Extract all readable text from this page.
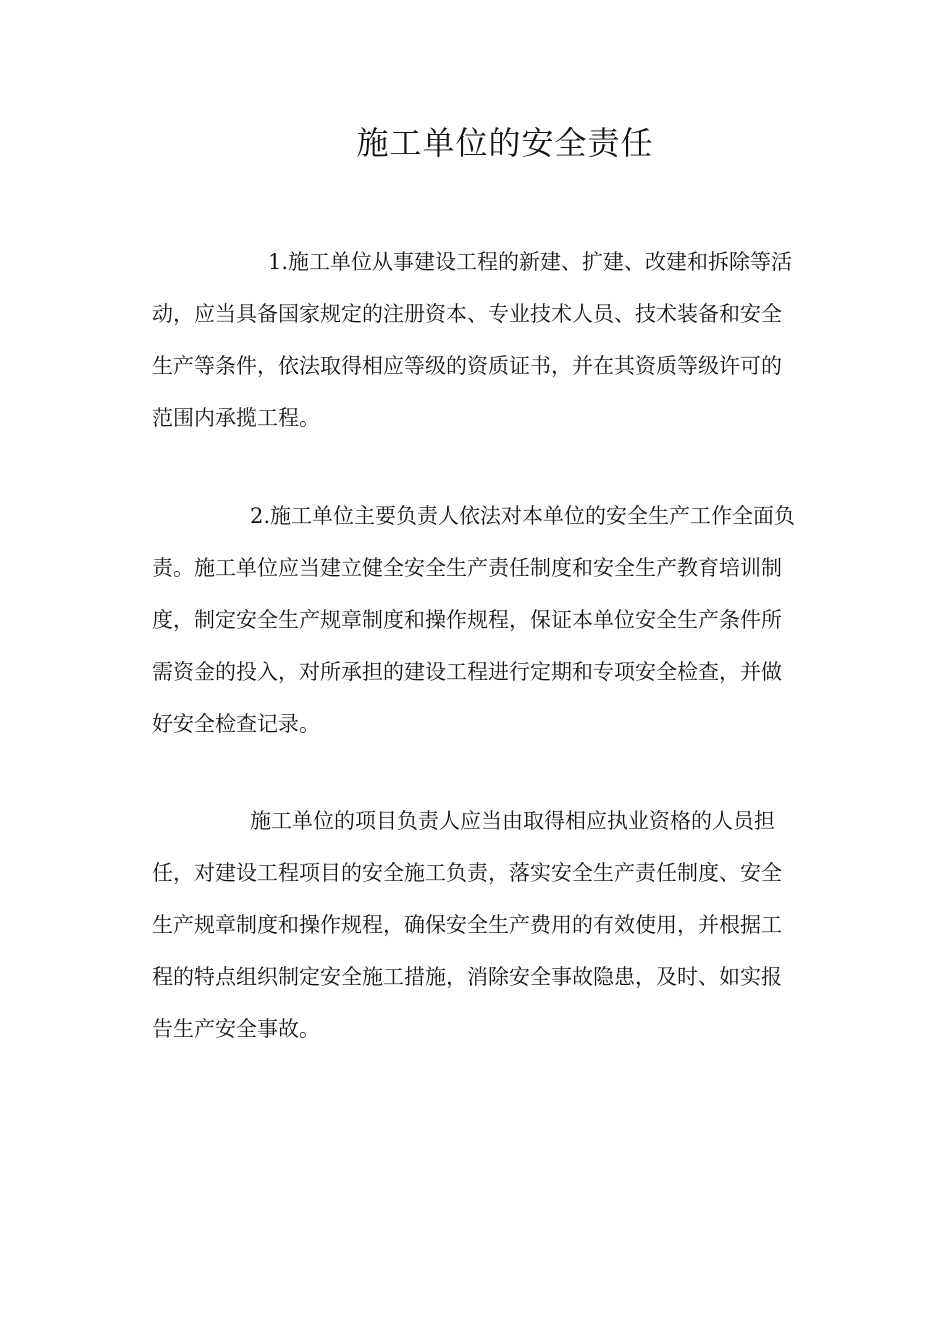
施工单位的安全责任

1.施工单位从事建设工程的新建、扩建、改建和拆除等活动，应当具备国家规定的注册资本、专业技术人员、技术装备和安全生产等条件，依法取得相应等级的资质证书，并在其资质等级许可的范围内承揽工程。

2.施工单位主要负责人依法对本单位的安全生产工作全面负责。施工单位应当建立健全安全生产责任制度和安全生产教育培训制度，制定安全生产规章制度和操作规程，保证本单位安全生产条件所需资金的投入，对所承担的建设工程进行定期和专项安全检查，并做好安全检查记录。

施工单位的项目负责人应当由取得相应执业资格的人员担任，对建设工程项目的安全施工负责，落实安全生产责任制度、安全生产规章制度和操作规程，确保安全生产费用的有效使用，并根据工程的特点组织制定安全施工措施，消除安全事故隐患，及时、如实报告生产安全事故。
